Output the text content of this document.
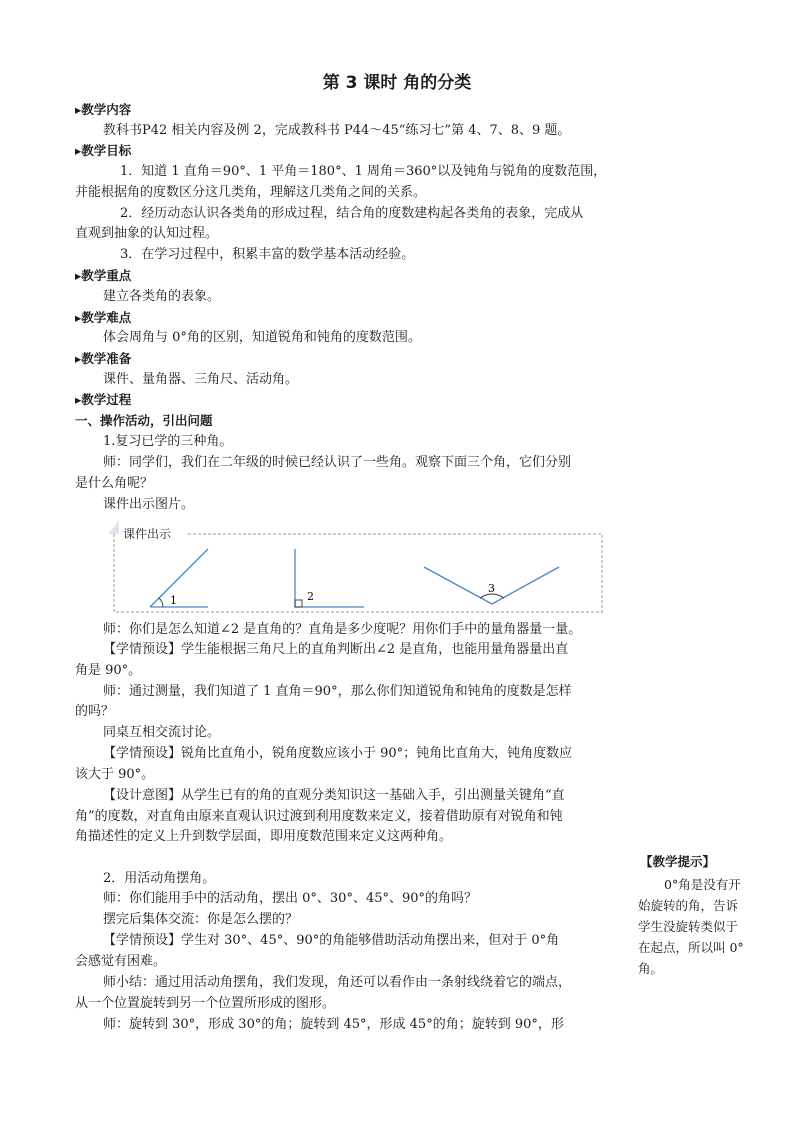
第 3 课时 角的分类
▸教学内容
教科书P42 相关内容及例 2，完成教科书 P44～45“练习七”第 4、7、8、9 题。
▸教学目标
1．知道 1 直角＝90°、1 平角＝180°、1 周角＝360°以及钝角与锐角的度数范围，
并能根据角的度数区分这几类角，理解这几类角之间的关系。
2．经历动态认识各类角的形成过程，结合角的度数建构起各类角的表象，完成从
直观到抽象的认知过程。
3．在学习过程中，积累丰富的数学基本活动经验。
▸教学重点
建立各类角的表象。
▸教学难点
体会周角与 0°角的区别，知道锐角和钝角的度数范围。
▸教学准备
课件、量角器、三角尺、活动角。
▸教学过程
一、操作活动，引出问题
1.复习已学的三种角。
师：同学们，我们在二年级的时候已经认识了一些角。观察下面三个角，它们分别
是什么角呢？
课件出示图片。
课件出示
1	2
3
师：你们是怎么知道∠2 是直角的？直角是多少度呢？用你们手中的量角器量一量。
【学情预设】学生能根据三角尺上的直角判断出∠2 是直角，也能用量角器量出直
角是 90°。
师：通过测量，我们知道了 1 直角＝90°，那么你们知道锐角和钝角的度数是怎样
的吗？
同桌互相交流讨论。
【学情预设】锐角比直角小，锐角度数应该小于 90°；钝角比直角大，钝角度数应
该大于 90°。
【设计意图】从学生已有的角的直观分类知识这一基础入手，引出测量关键角“直
角”的度数，对直角由原来直观认识过渡到利用度数来定义，接着借助原有对锐角和钝
角描述性的定义上升到数学层面，即用度数范围来定义这两种角。
2．用活动角摆角。
师：你们能用手中的活动角，摆出 0°、30°、45°、90°的角吗？
摆完后集体交流：你是怎么摆的？
【学情预设】学生对 30°、45°、90°的角能够借助活动角摆出来，但对于 0°角
会感觉有困难。
师小结：通过用活动角摆角，我们发现，角还可以看作由一条射线绕着它的端点，
从一个位置旋转到另一个位置所形成的图形。
师：旋转到 30°，形成 30°的角；旋转到 45°，形成 45°的角；旋转到 90°，形
【教学提示】
0°角是没有开
始旋转的角，告诉
学生没旋转类似于
在起点，所以叫 0°
角。
